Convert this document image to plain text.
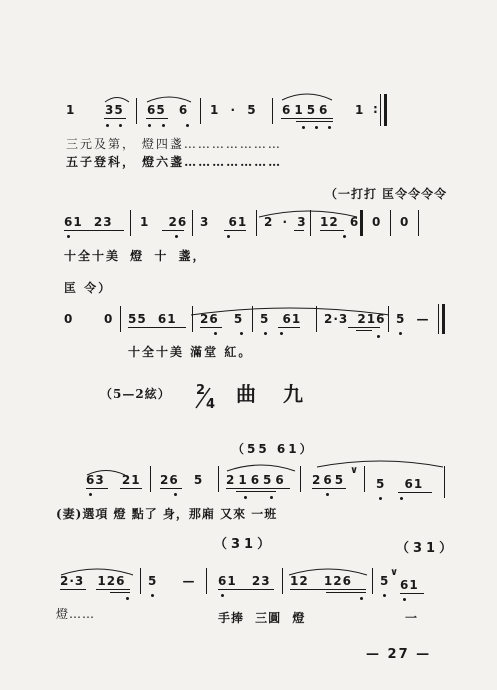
1 35 65 6 1 · 5 6156 1 :
三元及第， 燈四盞…………………
五子登科， 燈六盞…………………
（一打打 匡令令令令
61 23 1 26 3 61 2 · 3 12 6 0 0
十全十美 燈 十 盞，
匡 令）
0	0 55 61 26 5 5 61 2·3 216 5 —
十全十美 滿堂 紅。
（5—2絃） 2
4 曲 九
（55 61）
63 21 26 5 21656 265
∨
5 61
(妻)選項 燈 點了 身，那廂 又來 一班
（31）	（31）
2·3 126 5 — 61 23 12 126 5
∨
61
燈……	手捧 三圓 燈	一
— 27 —
